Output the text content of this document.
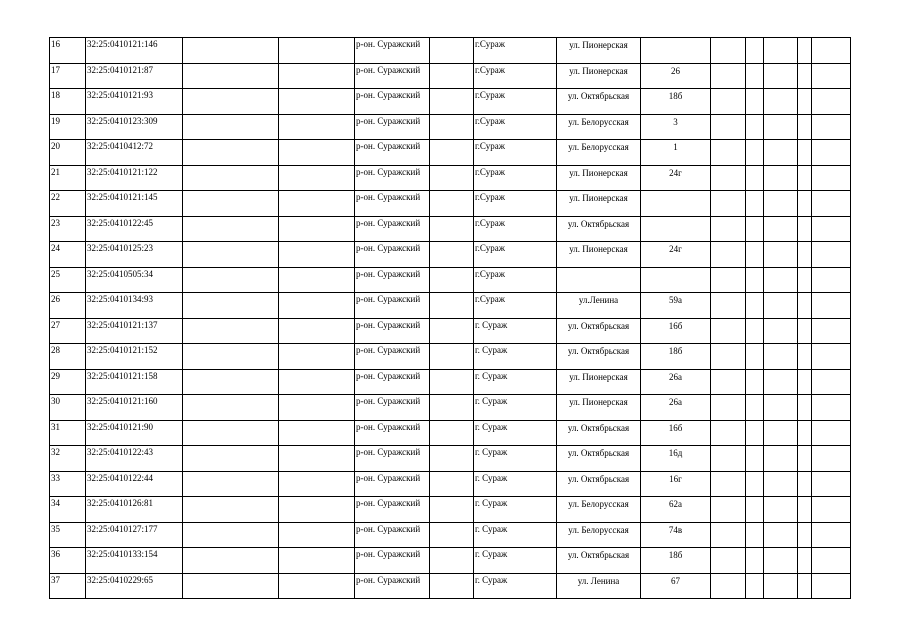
16	32:25:0410121:146			р-он. Суражский		г.Сураж	ул. Пионерская						
17	32:25:0410121:87			р-он. Суражский		г.Сураж	ул. Пионерская	26					
18	32:25:0410121:93			р-он. Суражский		г.Сураж	ул. Октябрьская	18б					
19	32:25:0410123:309			р-он. Суражский		г.Сураж	ул. Белорусская	3					
20	32:25:0410412:72			р-он. Суражский		г.Сураж	ул. Белорусская	1					
21	32:25:0410121:122			р-он. Суражский		г.Сураж	ул. Пионерская	24г					
22	32:25:0410121:145			р-он. Суражский		г.Сураж	ул. Пионерская						
23	32:25:0410122:45			р-он. Суражский		г.Сураж	ул. Октябрьская						
24	32:25:0410125:23			р-он. Суражский		г.Сураж	ул. Пионерская	24г					
25	32:25:0410505:34			р-он. Суражский		г.Сураж							
26	32:25:0410134:93			р-он. Суражский		г.Сураж	ул.Ленина	59а					
27	32:25:0410121:137			р-он. Суражский		г. Сураж	ул. Октябрьская	16б					
28	32:25:0410121:152			р-он. Суражский		г. Сураж	ул. Октябрьская	18б					
29	32:25:0410121:158			р-он. Суражский		г. Сураж	ул. Пионерская	26а					
30	32:25:0410121:160			р-он. Суражский		г. Сураж	ул. Пионерская	26а					
31	32:25:0410121:90			р-он. Суражский		г. Сураж	ул. Октябрьская	16б					
32	32:25:0410122:43			р-он. Суражский		г. Сураж	ул. Октябрьская	16д					
33	32:25:0410122:44			р-он. Суражский		г. Сураж	ул. Октябрьская	16г					
34	32:25:0410126:81			р-он. Суражский		г. Сураж	ул. Белорусская	62а					
35	32:25:0410127:177			р-он. Суражский		г. Сураж	ул. Белорусская	74в					
36	32:25:0410133:154			р-он. Суражский		г. Сураж	ул. Октябрьская	18б					
37	32:25:0410229:65			р-он. Суражский		г. Сураж	ул. Ленина	67					
